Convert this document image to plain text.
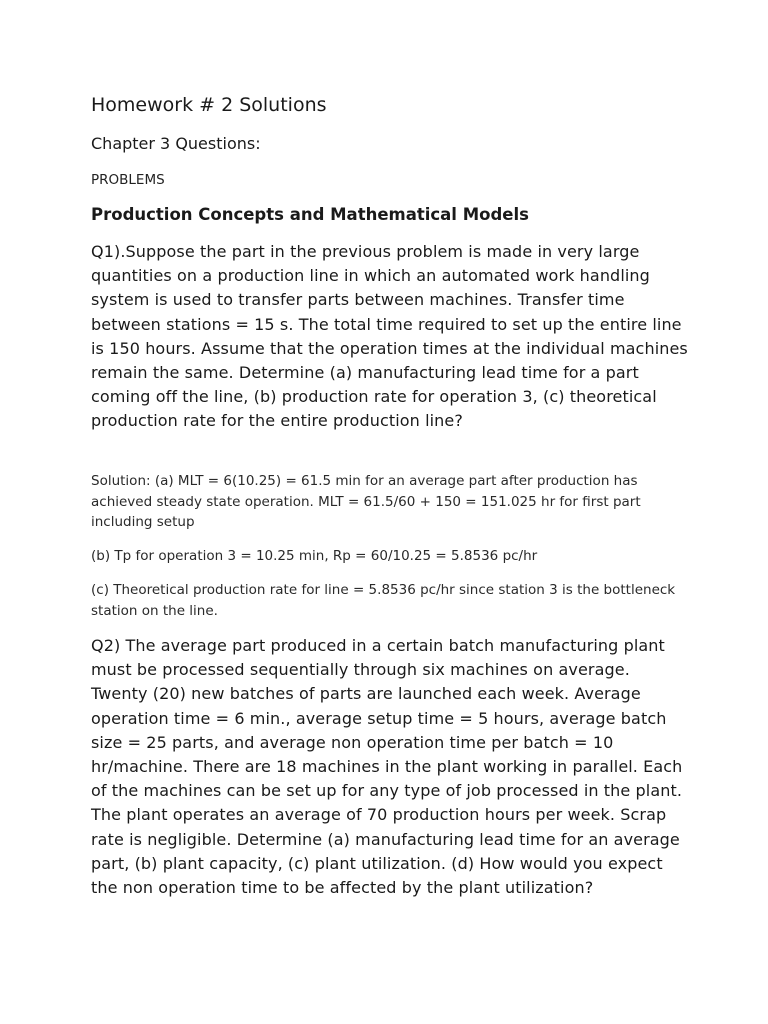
Homework # 2 Solutions

Chapter 3 Questions:

PROBLEMS

Production Concepts and Mathematical Models

Q1).Suppose the part in the previous problem is made in very large quantities on a production line in which an automated work handling system is used to transfer parts between machines. Transfer time between stations = 15 s. The total time required to set up the entire line is 150 hours. Assume that the operation times at the individual machines remain the same. Determine (a) manufacturing lead time for a part coming off the line, (b) production rate for operation 3, (c) theoretical production rate for the entire production line?

Solution: (a) MLT = 6(10.25) = 61.5 min for an average part after production has achieved steady state operation. MLT = 61.5/60 + 150 = 151.025 hr for first part including setup

(b) Tp for operation 3 = 10.25 min, Rp = 60/10.25 = 5.8536 pc/hr

(c) Theoretical production rate for line = 5.8536 pc/hr since station 3 is the bottleneck station on the line.

Q2) The average part produced in a certain batch manufacturing plant must be processed sequentially through six machines on average. Twenty (20) new batches of parts are launched each week. Average operation time = 6 min., average setup time = 5 hours, average batch size = 25 parts, and average non operation time per batch = 10 hr/machine. There are 18 machines in the plant working in parallel. Each of the machines can be set up for any type of job processed in the plant. The plant operates an average of 70 production hours per week. Scrap rate is negligible. Determine (a) manufacturing lead time for an average part, (b) plant capacity, (c) plant utilization. (d) How would you expect the non operation time to be affected by the plant utilization?
